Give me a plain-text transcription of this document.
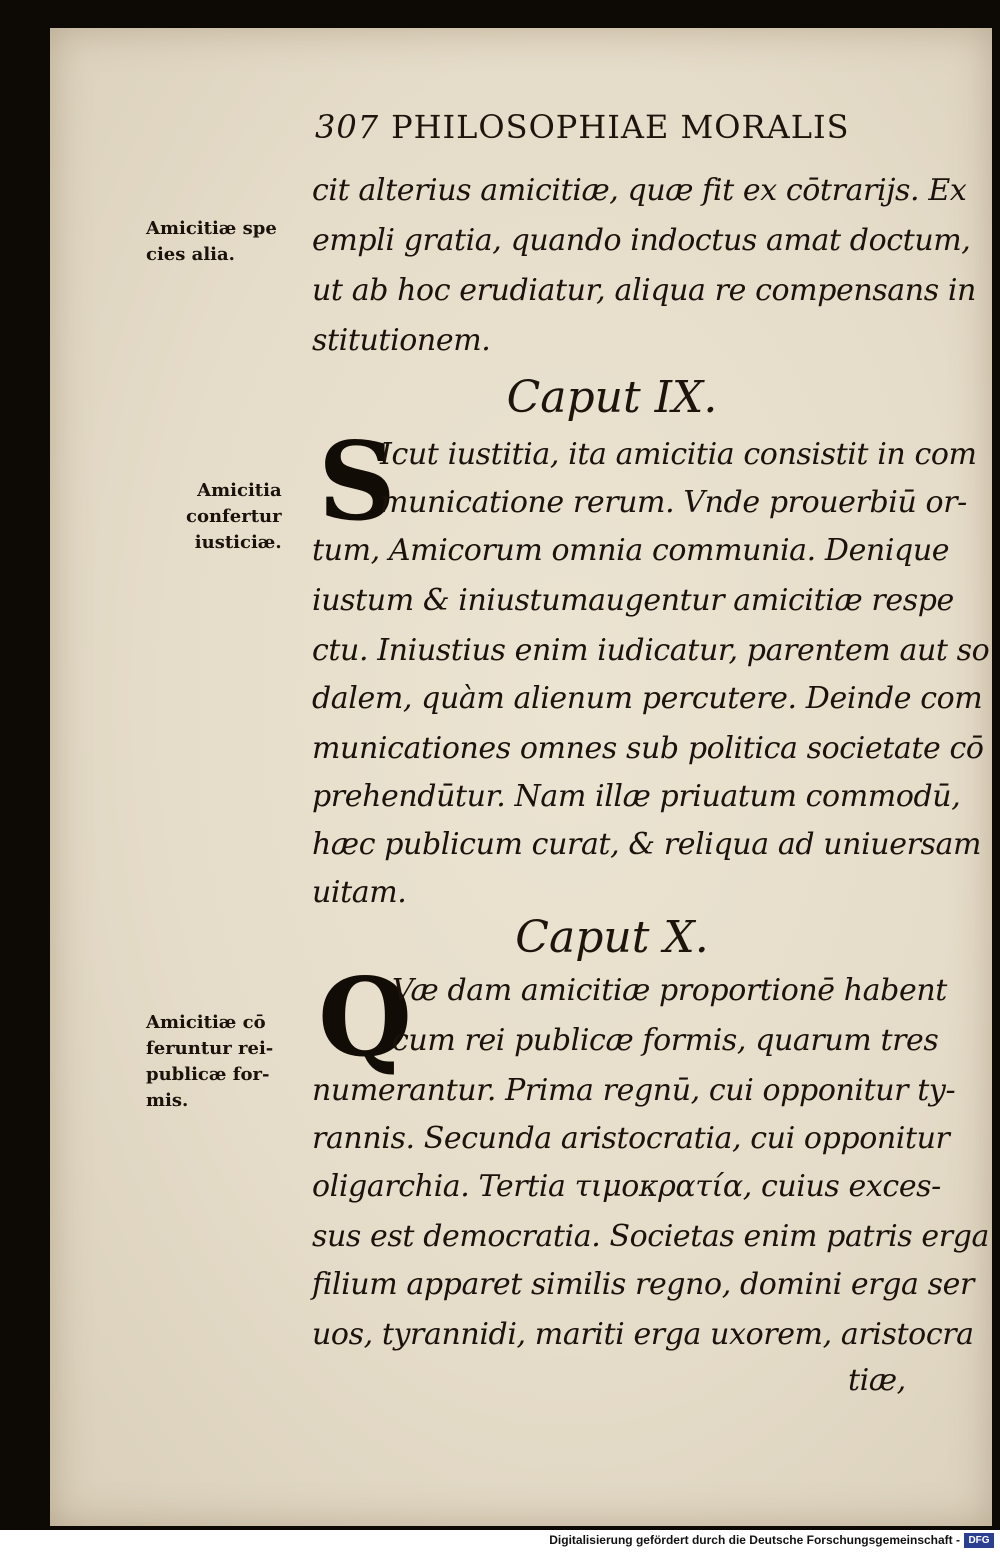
307 PHILOSOPHIAE MORALIS
cit alterius amicitiæ, quæ fit ex cōtrarijs. Ex
empli gratia, quando indoctus amat doctum,
ut ab hoc erudiatur, aliqua re compensans in
stitutionem.
Caput IX.
S
Icut iustitia, ita amicitia consistit in com
municatione rerum. Vnde prouerbiū or-
tum, Amicorum omnia communia. Denique
iustum & iniustumaugentur amicitiæ respe
ctu. Iniustius enim iudicatur, parentem aut so
dalem, quàm alienum percutere. Deinde com
municationes omnes sub politica societate cō
prehendūtur. Nam illæ priuatum commodū,
hæc publicum curat, & reliqua ad uniuersam
uitam.
Caput X.
Q
Væ dam amicitiæ proportionē habent
cum rei publicæ formis, quarum tres
numerantur. Prima regnū, cui opponitur ty-
rannis. Secunda aristocratia, cui opponitur
oligarchia. Tertia τιμοκρατία, cuius exces-
sus est democratia. Societas enim patris erga
filium apparet similis regno, domini erga ser
uos, tyrannidi, mariti erga uxorem, aristocra
tiæ,
Amicitiæ spe
cies alia.
Amicitia
confertur
iusticiæ.
Amicitiæ cō
feruntur rei-
publicæ for-
mis.
Digitalisierung gefördert durch die Deutsche Forschungsgemeinschaft - DFG
